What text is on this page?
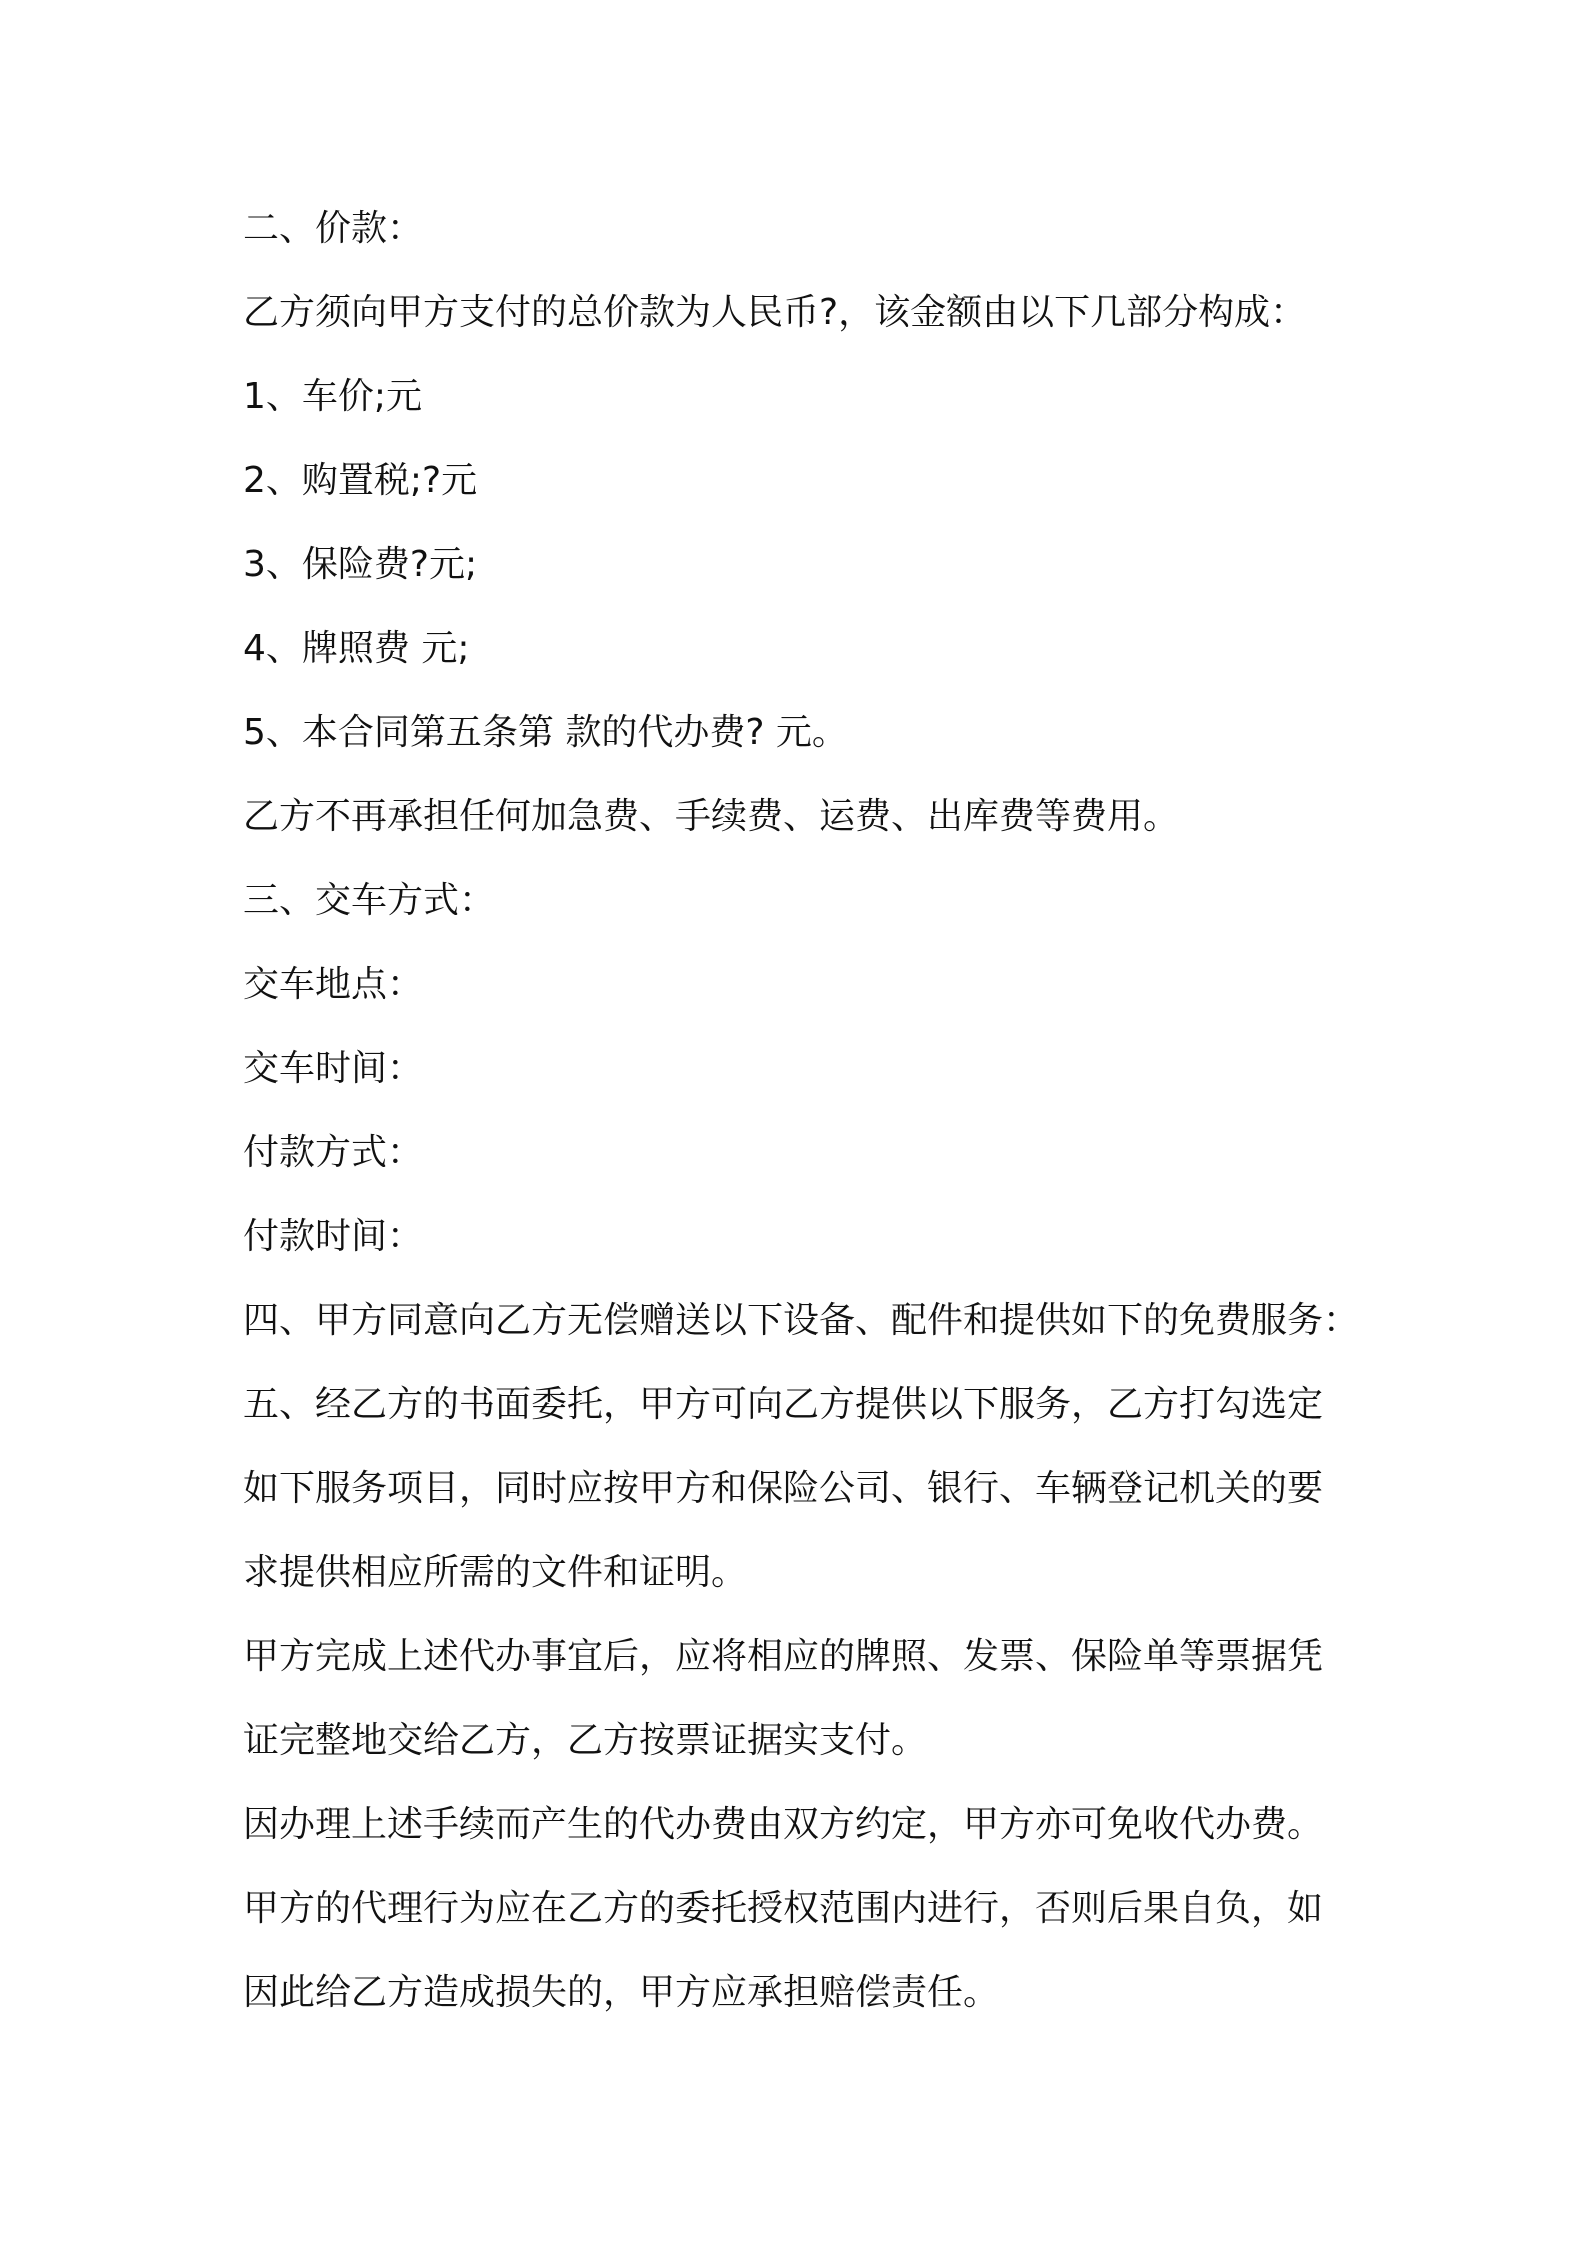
二、价款：

乙方须向甲方支付的总价款为人民币?，该金额由以下几部分构成：

1、车价;元

2、购置税;?元

3、保险费?元;

4、牌照费 元;

5、本合同第五条第 款的代办费? 元。

乙方不再承担任何加急费、手续费、运费、出库费等费用。

三、交车方式：

交车地点：

交车时间：

付款方式：

付款时间：

四、甲方同意向乙方无偿赠送以下设备、配件和提供如下的免费服务：

五、经乙方的书面委托，甲方可向乙方提供以下服务，乙方打勾选定

如下服务项目，同时应按甲方和保险公司、银行、车辆登记机关的要

求提供相应所需的文件和证明。

甲方完成上述代办事宜后，应将相应的牌照、发票、保险单等票据凭

证完整地交给乙方，乙方按票证据实支付。

因办理上述手续而产生的代办费由双方约定，甲方亦可免收代办费。

甲方的代理行为应在乙方的委托授权范围内进行，否则后果自负，如

因此给乙方造成损失的，甲方应承担赔偿责任。
